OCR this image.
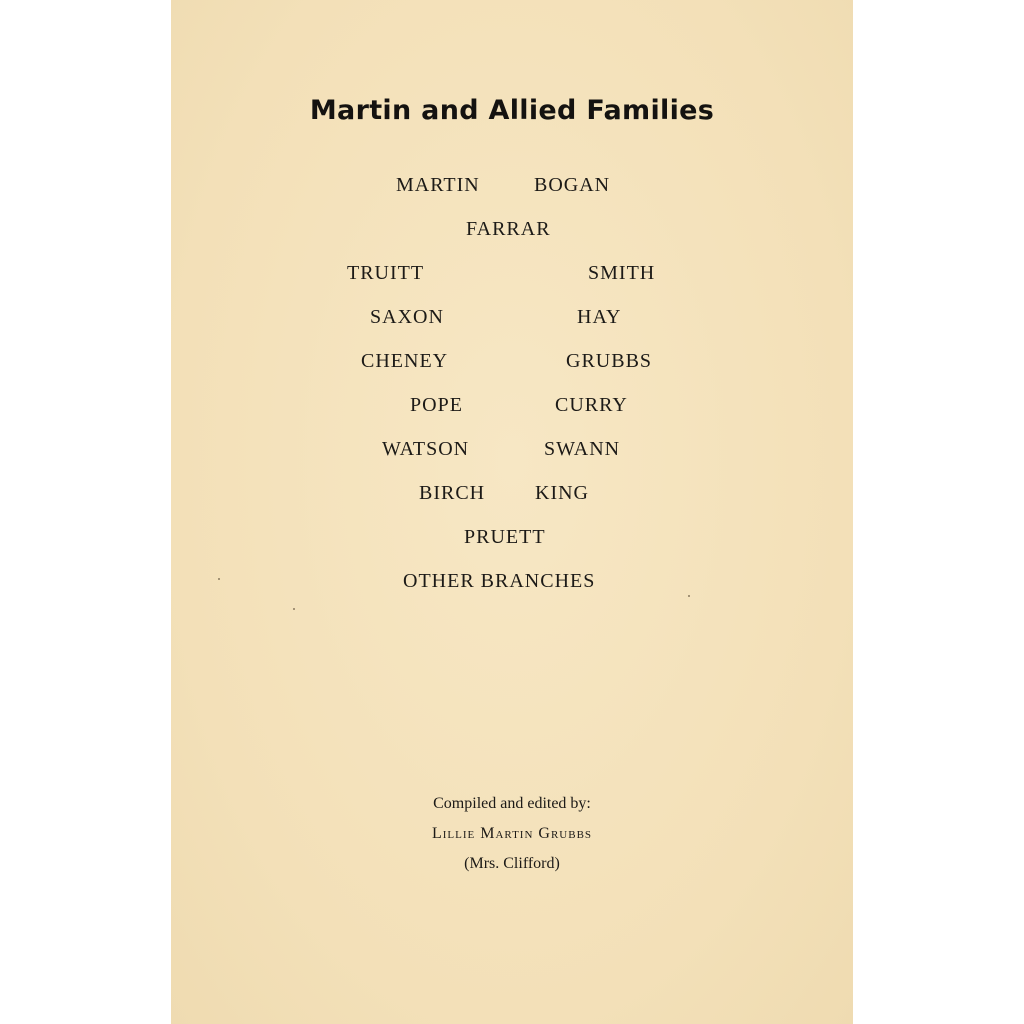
Martin and Allied Families
MARTIN	BOGAN
FARRAR
TRUITT	SMITH
SAXON	HAY
CHENEY	GRUBBS
POPE	CURRY
WATSON	SWANN
BIRCH KING
PRUETT
OTHER BRANCHES
Compiled and edited by:
Lillie Martin Grubbs
(Mrs. Clifford)
